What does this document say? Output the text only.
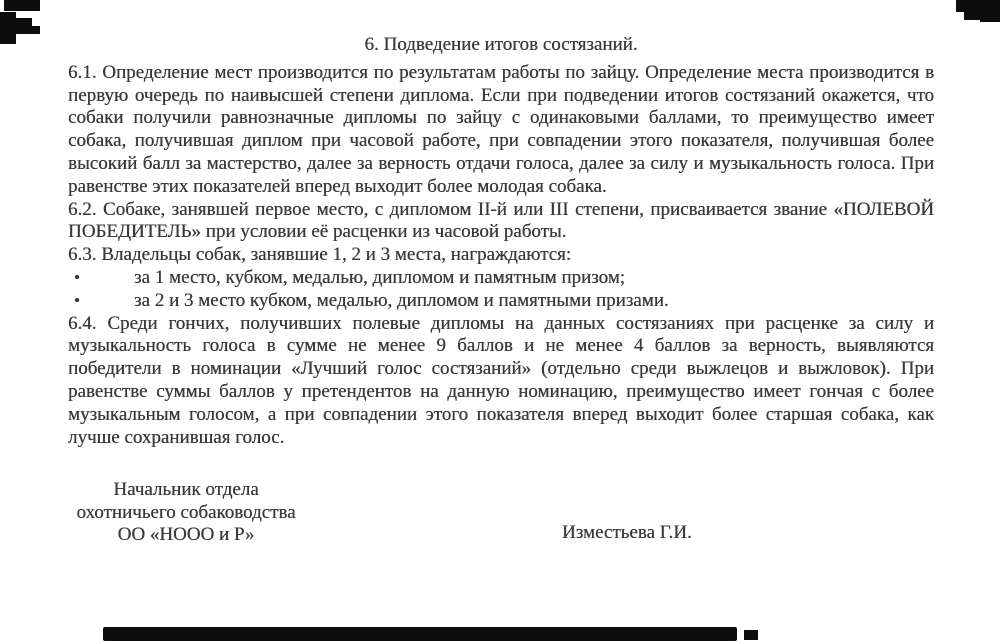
6. Подведение итогов состязаний.

6.1. Определение мест производится по результатам работы по зайцу. Определение места производится в первую очередь по наивысшей степени диплома. Если при подведении итогов состязаний окажется, что собаки получили равнозначные дипломы по зайцу с одинаковыми баллами, то преимущество имеет собака, получившая диплом при часовой работе, при совпадении этого показателя, получившая более высокий балл за мастерство, далее за верность отдачи голоса, далее за силу и музыкальность голоса. При равенстве этих показателей вперед выходит более молодая собака.

6.2. Собаке, занявшей первое место, с дипломом II-й или III степени, присваивается звание «ПОЛЕВОЙ ПОБЕДИТЕЛЬ» при условии её расценки из часовой работы.

6.3. Владельцы собак, занявшие 1, 2 и 3 места, награждаются:

•	за 1 место, кубком, медалью, дипломом и памятным призом;
•	за 2 и 3 место кубком, медалью, дипломом и памятными призами.

6.4. Среди гончих, получивших полевые дипломы на данных состязаниях при расценке за силу и музыкальность голоса в сумме не менее 9 баллов и не менее 4 баллов за верность, выявляются победители в номинации «Лучший голос состязаний» (отдельно среди выжлецов и выжловок). При равенстве суммы баллов у претендентов на данную номинацию, преимущество имеет гончая с более музыкальным голосом, а при совпадении этого показателя вперед выходит более старшая собака, как лучше сохранившая голос.

Начальник отдела
охотничьего собаководства
ОО «НООО и Р»	Изместьева Г.И.
